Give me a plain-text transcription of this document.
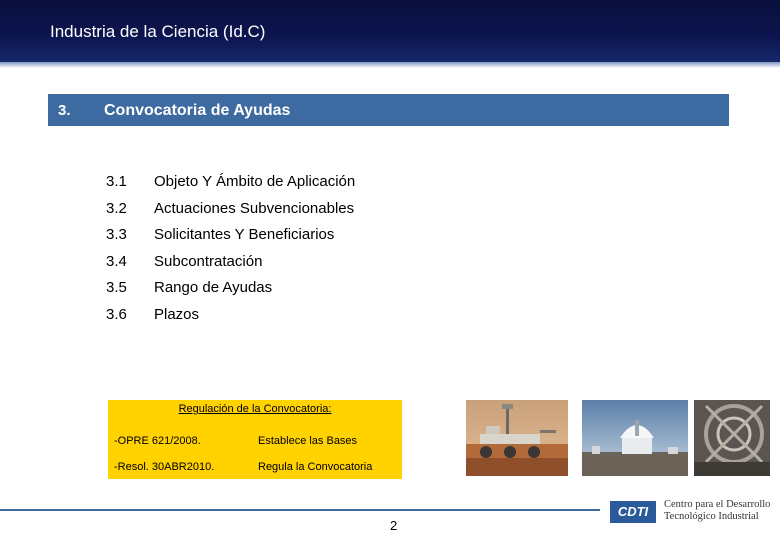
Industria de la Ciencia (Id.C)
3. Convocatoria de Ayudas
3.1 Objeto Y Ámbito de Aplicación
3.2 Actuaciones Subvencionables
3.3 Solicitantes Y Beneficiarios
3.4 Subcontratación
3.5 Rango de Ayudas
3.6 Plazos
Regulación de la Convocatoria:
-OPRE 621/2008.	Establece las Bases
-Resol. 30ABR2010.	Regula la Convocatoria
2
CDTI	Centro para el Desarrollo
Tecnológico Industrial
